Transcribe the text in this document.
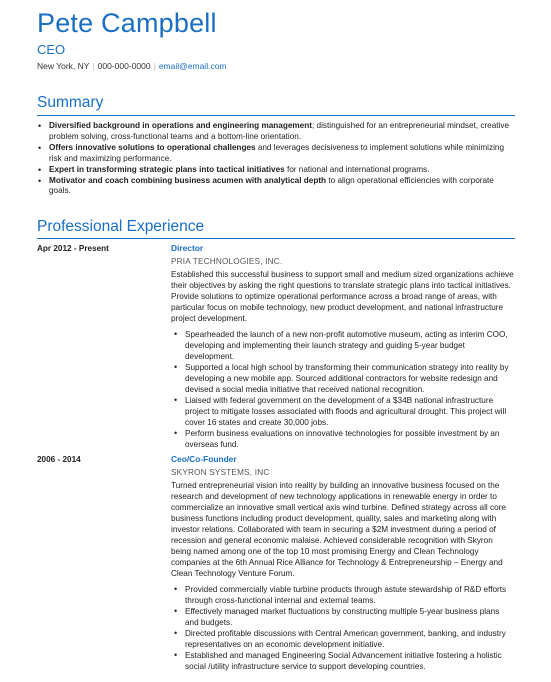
Pete Campbell
CEO
New York, NY | 000-000-0000 | email@email.com
Summary
• Diversified background in operations and engineering management; distinguished for an entrepreneurial mindset, creative problem solving, cross-functional teams and a bottom-line orientation.
• Offers innovative solutions to operational challenges and leverages decisiveness to implement solutions while minimizing risk and maximizing performance.
• Expert in transforming strategic plans into tactical initiatives for national and international programs.
• Motivator and coach combining business acumen with analytical depth to align operational efficiencies with corporate goals.
Professional Experience
Apr 2012 - Present	Director
PRIA TECHNOLOGIES, INC.
Established this successful business to support small and medium sized organizations achieve their objectives by asking the right questions to translate strategic plans into tactical initiatives. Provide solutions to optimize operational performance across a broad range of areas, with particular focus on mobile technology, new product development, and national infrastructure project development.
• Spearheaded the launch of a new non-profit automotive museum, acting as interim COO, developing and implementing their launch strategy and guiding 5-year budget development.
• Supported a local high school by transforming their communication strategy into reality by developing a new mobile app. Sourced additional contractors for website redesign and devised a social media initiative that received national recognition.
• Liaised with federal government on the development of a $34B national infrastructure project to mitigate losses associated with floods and agricultural drought. This project will cover 16 states and create 30,000 jobs.
• Perform business evaluations on innovative technologies for possible investment by an overseas fund.
2006 - 2014	Ceo/Co-Founder
SKYRON SYSTEMS, INC
Turned entrepreneurial vision into reality by building an innovative business focused on the research and development of new technology applications in renewable energy in order to commercialize an innovative small vertical axis wind turbine. Defined strategy across all core business functions including product development, quality, sales and marketing along with investor relations. Collaborated with team in securing a $2M investment during a period of recession and general economic malaise. Achieved considerable recognition with Skyron being named among one of the top 10 most promising Energy and Clean Technology companies at the 6th Annual Rice Alliance for Technology & Entrepreneurship – Energy and Clean Technology Venture Forum.
• Provided commercially viable turbine products through astute stewardship of R&D efforts through cross-functional internal and external teams.
• Effectively managed market fluctuations by constructing multiple 5-year business plans and budgets.
• Directed profitable discussions with Central American government, banking, and industry representatives on an economic development initiative.
• Established and managed Engineering Social Advancement initiative fostering a holistic social /utility infrastructure service to support developing countries.
